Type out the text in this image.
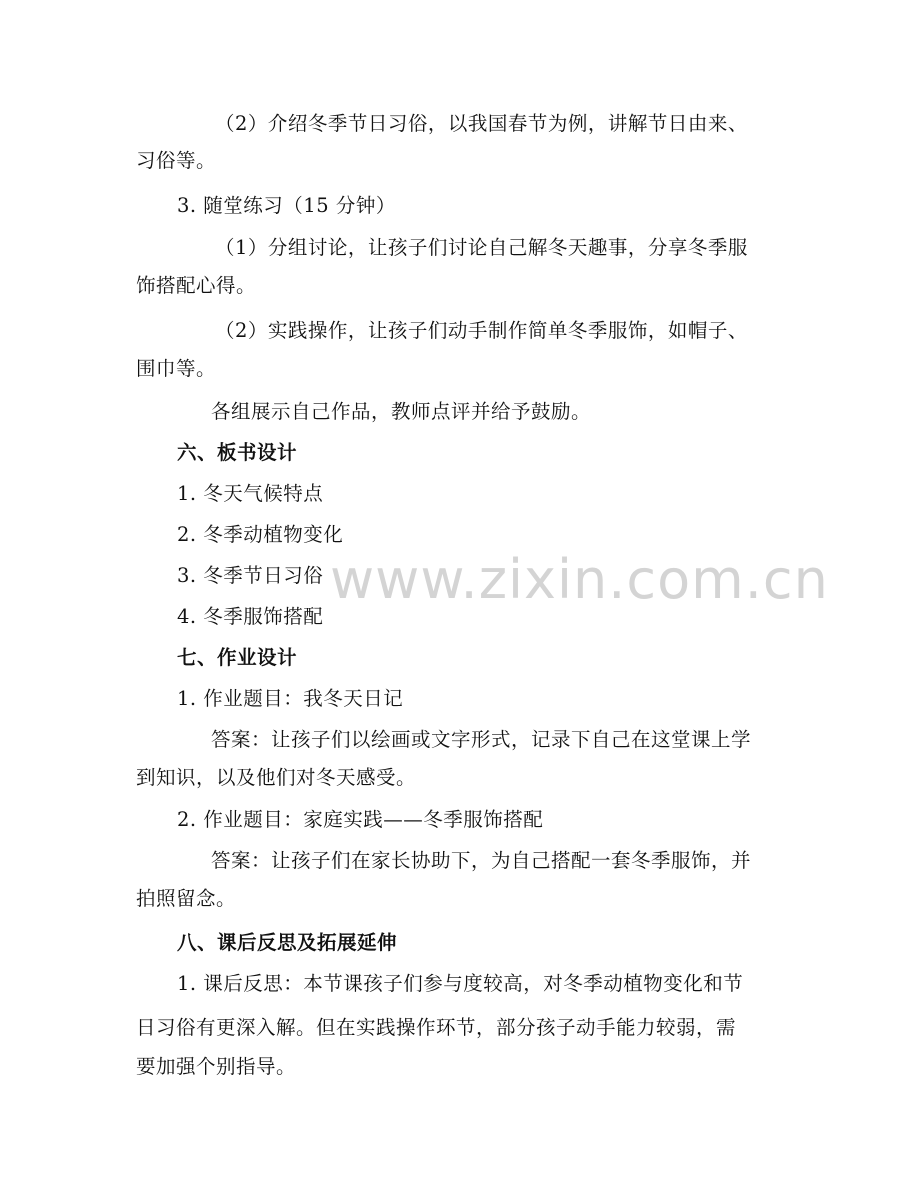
（2）介绍冬季节日习俗，以我国春节为例，讲解节日由来、
习俗等。
3. 随堂练习（15 分钟）
（1）分组讨论，让孩子们讨论自己解冬天趣事，分享冬季服
饰搭配心得。
（2）实践操作，让孩子们动手制作简单冬季服饰，如帽子、
围巾等。
各组展示自己作品，教师点评并给予鼓励。
六、板书设计
1. 冬天气候特点
2. 冬季动植物变化
3. 冬季节日习俗
4. 冬季服饰搭配
七、作业设计
1. 作业题目：我冬天日记
答案：让孩子们以绘画或文字形式，记录下自己在这堂课上学
到知识，以及他们对冬天感受。
2. 作业题目：家庭实践——冬季服饰搭配
答案：让孩子们在家长协助下，为自己搭配一套冬季服饰，并
拍照留念。
八、课后反思及拓展延伸
1. 课后反思：本节课孩子们参与度较高，对冬季动植物变化和节
日习俗有更深入解。但在实践操作环节，部分孩子动手能力较弱，需
要加强个别指导。
www.zixin.com.cn
